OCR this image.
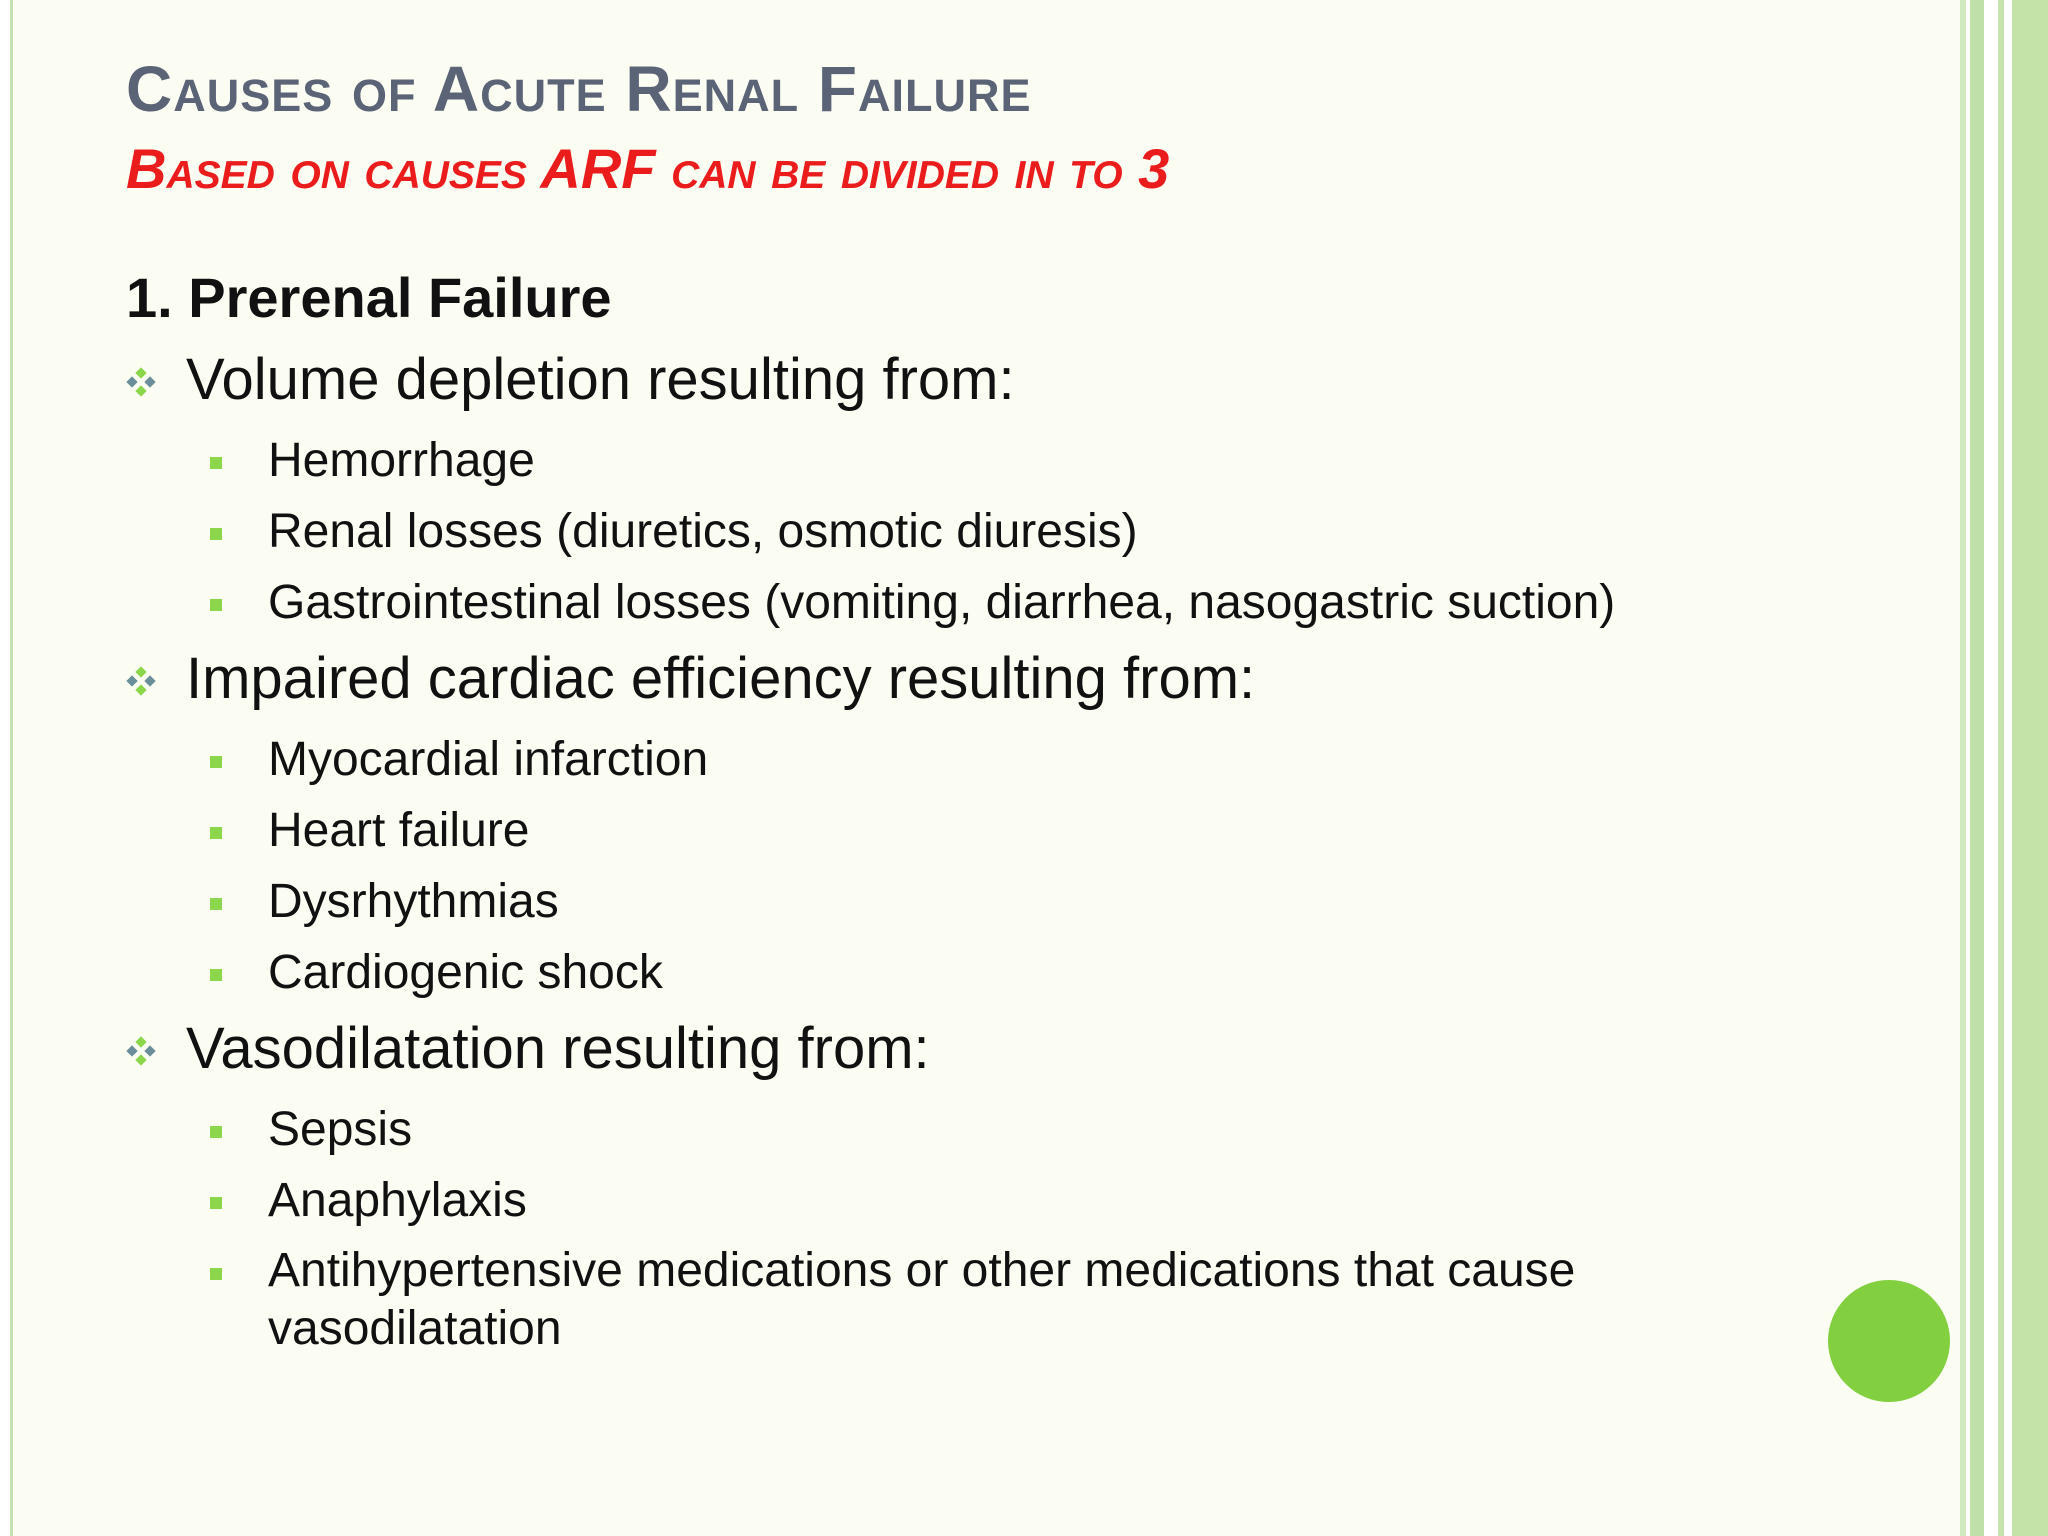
Causes of Acute Renal Failure
Based on causes ARF can be divided in to 3
1. Prerenal Failure
Volume depletion resulting from:
Hemorrhage
Renal losses (diuretics, osmotic diuresis)
Gastrointestinal losses (vomiting, diarrhea, nasogastric suction)
Impaired cardiac efficiency resulting from:
Myocardial infarction
Heart failure
Dysrhythmias
Cardiogenic shock
Vasodilatation resulting from:
Sepsis
Anaphylaxis
Antihypertensive medications or other medications that cause vasodilatation
